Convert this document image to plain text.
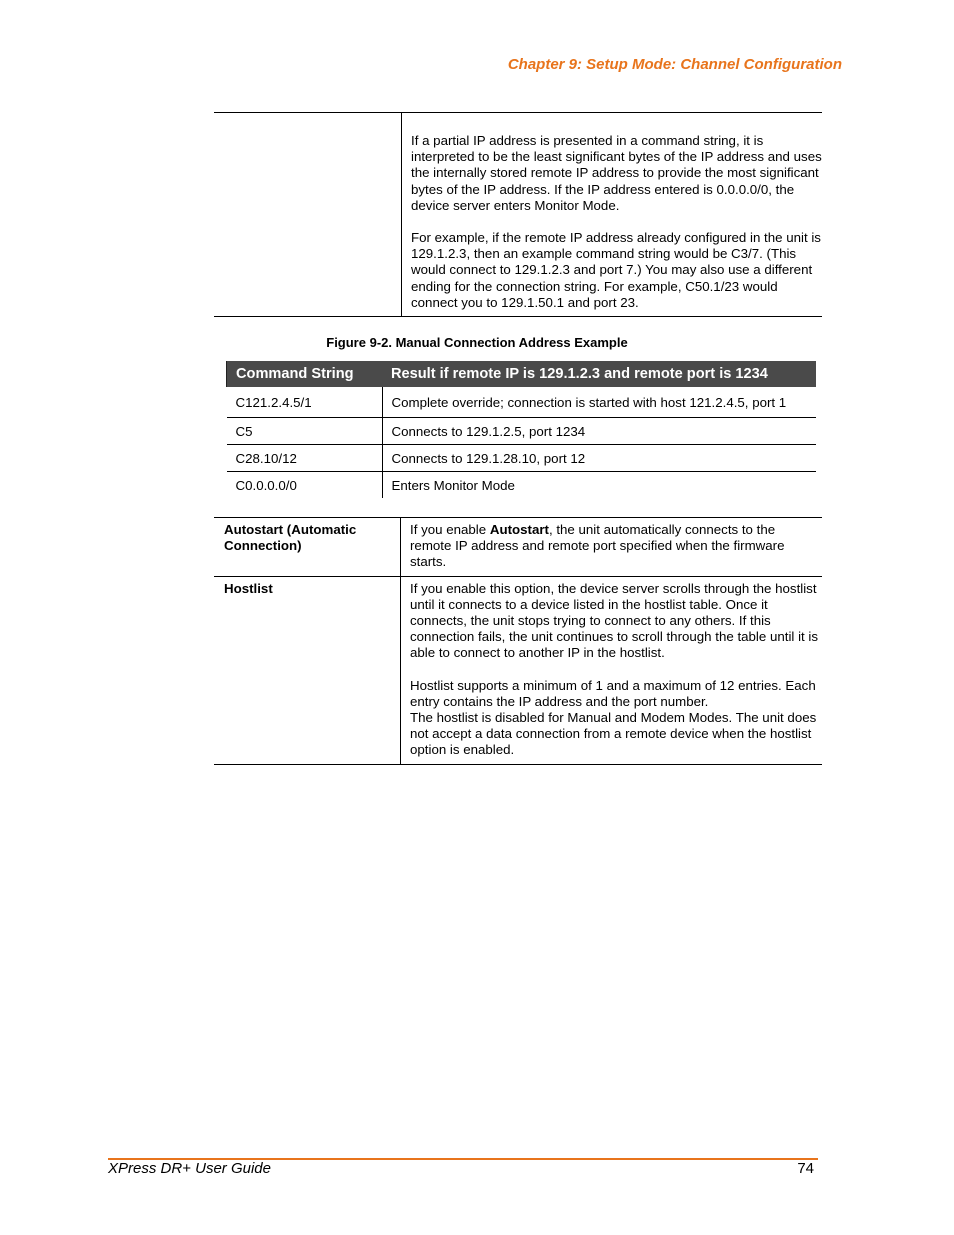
Chapter 9: Setup Mode: Channel Configuration

If a partial IP address is presented in a command string, it is interpreted to be the least significant bytes of the IP address and uses the internally stored remote IP address to provide the most significant bytes of the IP address. If the IP address entered is 0.0.0.0/0, the device server enters Monitor Mode.

For example, if the remote IP address already configured in the unit is 129.1.2.3, then an example command string would be C3/7. (This would connect to 129.1.2.3 and port 7.) You may also use a different ending for the connection string. For example, C50.1/23 would connect you to 129.1.50.1 and port 23.

Figure 9-2. Manual Connection Address Example
Command String	Result if remote IP is 129.1.2.3 and remote port is 1234
C121.2.4.5/1	Complete override; connection is started with host 121.2.4.5, port 1
C5	Connects to 129.1.2.5, port 1234
C28.10/12	Connects to 129.1.28.10, port 12
C0.0.0.0/0	Enters Monitor Mode
Autostart (Automatic Connection)	If you enable Autostart, the unit automatically connects to the remote IP address and remote port specified when the firmware starts.
Hostlist	If you enable this option, the device server scrolls through the hostlist until it connects to a device listed in the hostlist table. Once it connects, the unit stops trying to connect to any others. If this connection fails, the unit continues to scroll through the table until it is able to connect to another IP in the hostlist.

Hostlist supports a minimum of 1 and a maximum of 12 entries. Each entry contains the IP address and the port number.

The hostlist is disabled for Manual and Modem Modes. The unit does not accept a data connection from a remote device when the hostlist option is enabled.

XPress DR+ User Guide	74
